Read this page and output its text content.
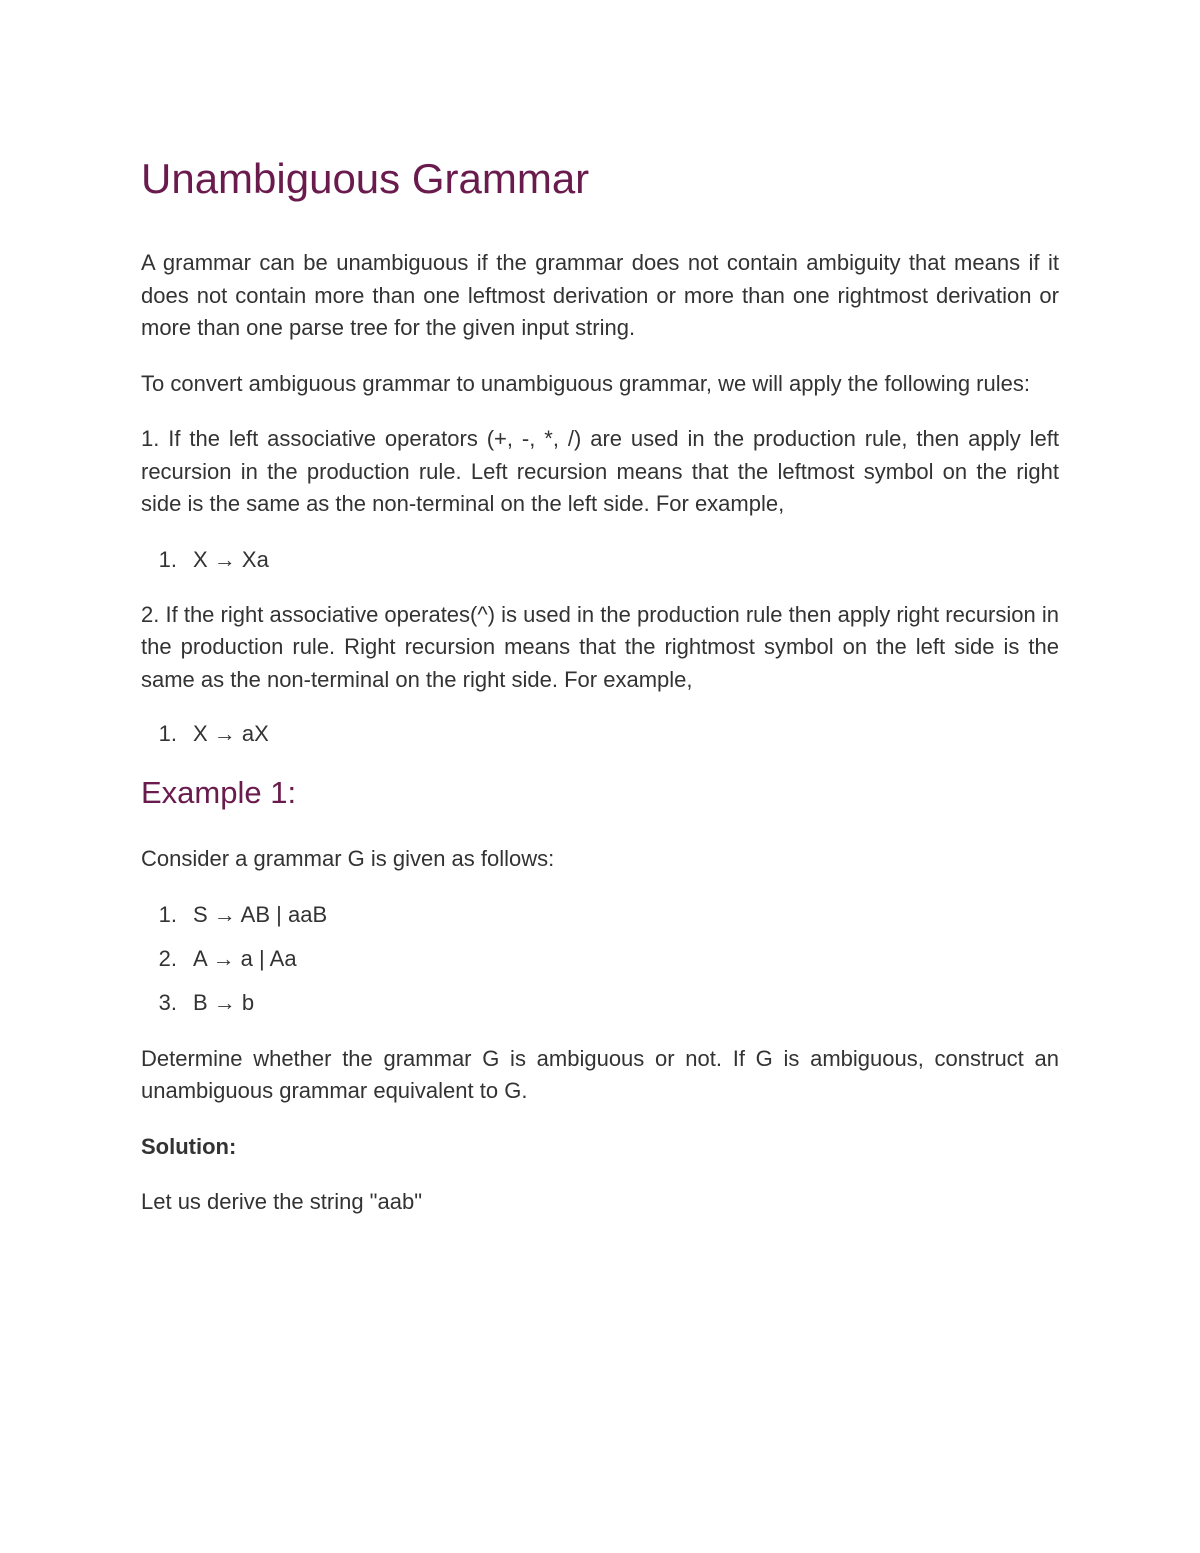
Unambiguous Grammar

A grammar can be unambiguous if the grammar does not contain ambiguity that means if it does not contain more than one leftmost derivation or more than one rightmost derivation or more than one parse tree for the given input string.

To convert ambiguous grammar to unambiguous grammar, we will apply the following rules:

1. If the left associative operators (+, -, *, /) are used in the production rule, then apply left recursion in the production rule. Left recursion means that the leftmost symbol on the right side is the same as the non-terminal on the left side. For example,

1. X → Xa

2. If the right associative operates(^) is used in the production rule then apply right recursion in the production rule. Right recursion means that the rightmost symbol on the left side is the same as the non-terminal on the right side. For example,

1. X → aX
Example 1:

Consider a grammar G is given as follows:

1. S → AB | aaB
2. A → a | Aa
3. B → b

Determine whether the grammar G is ambiguous or not. If G is ambiguous, construct an unambiguous grammar equivalent to G.

Solution:

Let us derive the string "aab"
